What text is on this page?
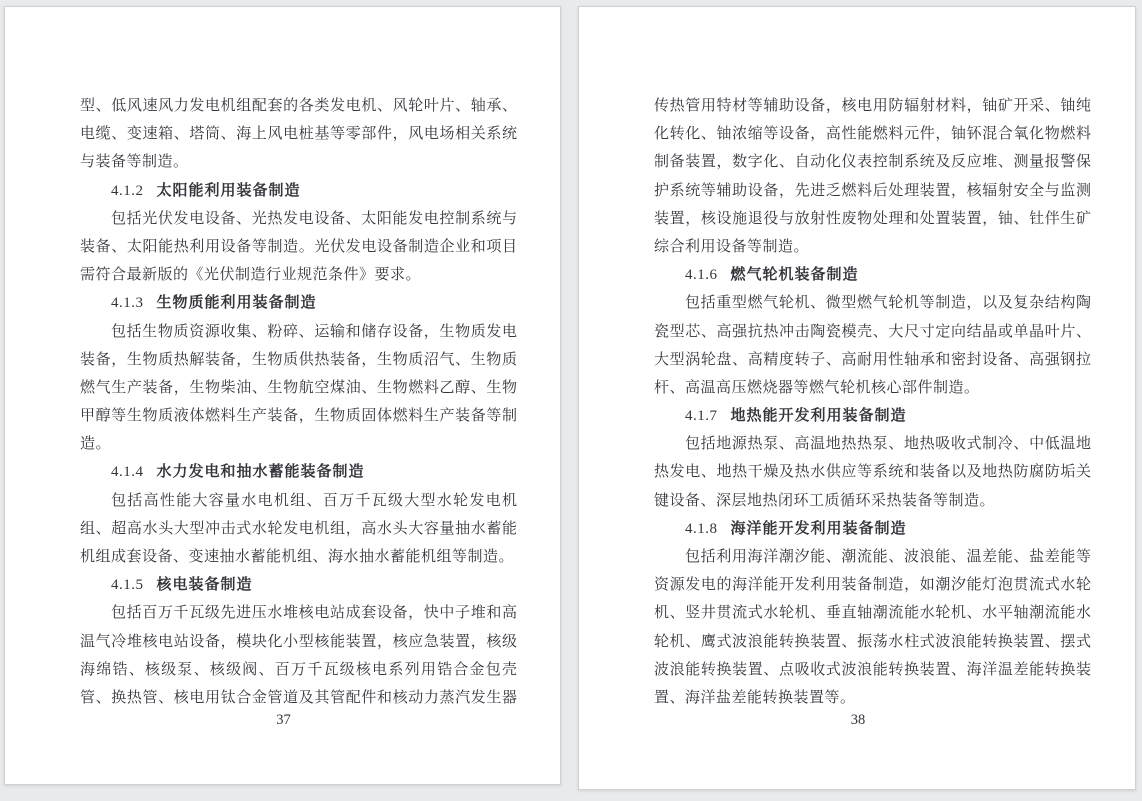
型、低风速风力发电机组配套的各类发电机、风轮叶片、轴承、
电缆、变速箱、塔筒、海上风电桩基等零部件，风电场相关系统
与装备等制造。
4.1.2 太阳能利用装备制造
包括光伏发电设备、光热发电设备、太阳能发电控制系统与
装备、太阳能热利用设备等制造。光伏发电设备制造企业和项目
需符合最新版的《光伏制造行业规范条件》要求。
4.1.3 生物质能利用装备制造
包括生物质资源收集、粉碎、运输和储存设备，生物质发电
装备，生物质热解装备，生物质供热装备，生物质沼气、生物质
燃气生产装备，生物柴油、生物航空煤油、生物燃料乙醇、生物
甲醇等生物质液体燃料生产装备，生物质固体燃料生产装备等制
造。
4.1.4 水力发电和抽水蓄能装备制造
包括高性能大容量水电机组、百万千瓦级大型水轮发电机
组、超高水头大型冲击式水轮发电机组，高水头大容量抽水蓄能
机组成套设备、变速抽水蓄能机组、海水抽水蓄能机组等制造。
4.1.5 核电装备制造
包括百万千瓦级先进压水堆核电站成套设备，快中子堆和高
温气冷堆核电站设备，模块化小型核能装置，核应急装置，核级
海绵锆、核级泵、核级阀、百万千瓦级核电系列用锆合金包壳
管、换热管、核电用钛合金管道及其管配件和核动力蒸汽发生器
37
传热管用特材等辅助设备，核电用防辐射材料，铀矿开采、铀纯
化转化、铀浓缩等设备，高性能燃料元件，铀钚混合氧化物燃料
制备装置，数字化、自动化仪表控制系统及反应堆、测量报警保
护系统等辅助设备，先进乏燃料后处理装置，核辐射安全与监测
装置，核设施退役与放射性废物处理和处置装置，铀、钍伴生矿
综合利用设备等制造。
4.1.6 燃气轮机装备制造
包括重型燃气轮机、微型燃气轮机等制造，以及复杂结构陶
瓷型芯、高强抗热冲击陶瓷模壳、大尺寸定向结晶或单晶叶片、
大型涡轮盘、高精度转子、高耐用性轴承和密封设备、高强钢拉
杆、高温高压燃烧器等燃气轮机核心部件制造。
4.1.7 地热能开发利用装备制造
包括地源热泵、高温地热热泵、地热吸收式制冷、中低温地
热发电、地热干燥及热水供应等系统和装备以及地热防腐防垢关
键设备、深层地热闭环工质循环采热装备等制造。
4.1.8 海洋能开发利用装备制造
包括利用海洋潮汐能、潮流能、波浪能、温差能、盐差能等
资源发电的海洋能开发利用装备制造，如潮汐能灯泡贯流式水轮
机、竖井贯流式水轮机、垂直轴潮流能水轮机、水平轴潮流能水
轮机、鹰式波浪能转换装置、振荡水柱式波浪能转换装置、摆式
波浪能转换装置、点吸收式波浪能转换装置、海洋温差能转换装
置、海洋盐差能转换装置等。
38
